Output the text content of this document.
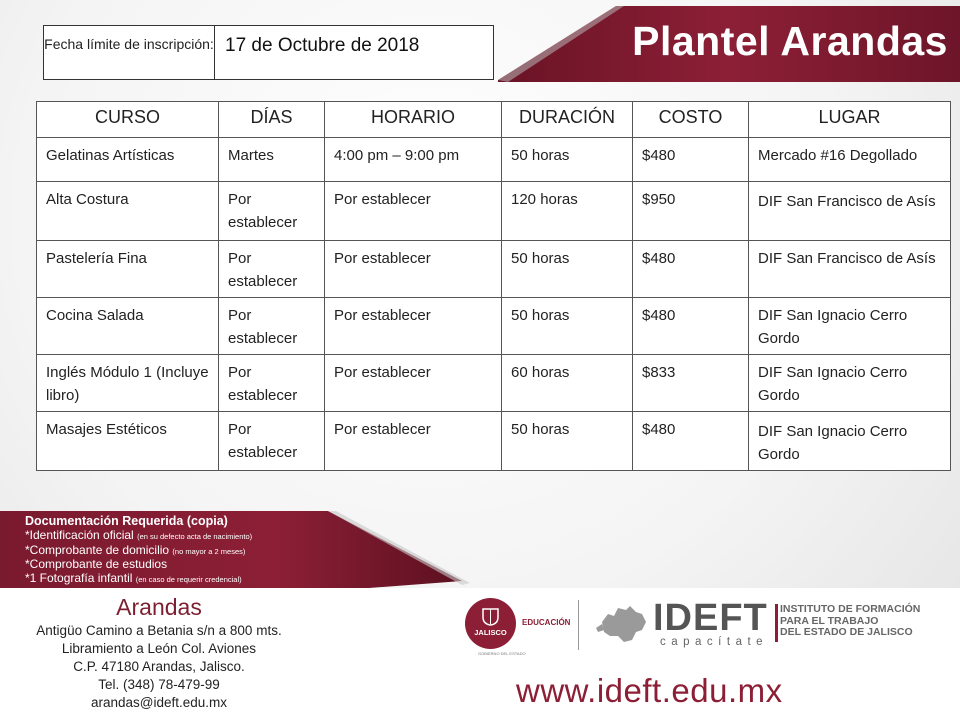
Fecha límite de inscripción: 17 de Octubre de 2018	Plantel Arandas
CURSO	DÍAS	HORARIO	DURACIÓN	COSTO	LUGAR
Gelatinas Artísticas	Martes	4:00 pm – 9:00 pm	50 horas	$480	Mercado #16 Degollado
Alta Costura	Por establecer	Por establecer	120 horas	$950	DIF San Francisco de Asís
Pastelería Fina	Por establecer	Por establecer	50 horas	$480	DIF San Francisco de Asís
Cocina Salada	Por establecer	Por establecer	50 horas	$480	DIF San Ignacio Cerro Gordo
Inglés Módulo 1 (Incluye libro)	Por establecer	Por establecer	60 horas	$833	DIF San Ignacio Cerro Gordo
Masajes Estéticos	Por establecer	Por establecer	50 horas	$480	DIF San Ignacio Cerro Gordo
Documentación Requerida (copia)
*Identificación oficial (en su defecto acta de nacimiento)
*Comprobante de domicilio (no mayor a 2 meses)
*Comprobante de estudios
*1 Fotografía infantil (en caso de requerir credencial)
Arandas
Antigüo Camino a Betania s/n a 800 mts.
Libramiento a León Col. Aviones
C.P. 47180 Arandas, Jalisco.
Tel. (348) 78-479-99
arandas@ideft.edu.mx
JALISCO
GOBIERNO DEL ESTADO
EDUCACIÓN IDEFT
capacítate
INSTITUTO DE FORMACIÓN
PARA EL TRABAJO
DEL ESTADO DE JALISCO
www.ideft.edu.mx
